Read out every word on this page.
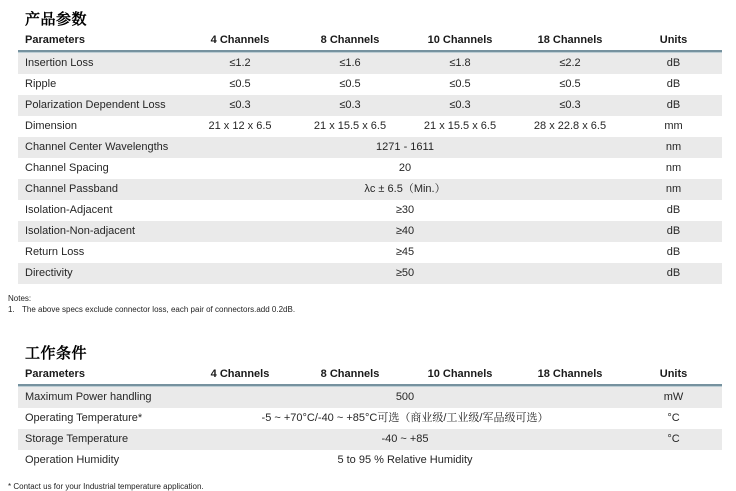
产品参数
Parameters	4 Channels	8 Channels	10 Channels	18 Channels	Units
Insertion Loss	≤1.2	≤1.6	≤1.8	≤2.2	dB
Ripple	≤0.5	≤0.5	≤0.5	≤0.5	dB
Polarization Dependent Loss	≤0.3	≤0.3	≤0.3	≤0.3	dB
Dimension	21 x 12 x 6.5	21 x 15.5 x 6.5	21 x 15.5 x 6.5	28 x 22.8 x 6.5	mm
Channel Center Wavelengths	1271 - 1611				nm
Channel Spacing	20				nm
Channel Passband	λc ± 6.5（Min.）				nm
Isolation-Adjacent	≥30				dB
Isolation-Non-adjacent	≥40				dB
Return Loss	≥45				dB
Directivity	≥50				dB
Notes:
1. The above specs exclude connector loss, each pair of connectors.add 0.2dB.
工作条件
Parameters	4 Channels	8 Channels	10 Channels	18 Channels	Units
Maximum Power handling	500				mW
Operating Temperature*	-5 ~ +70°C/-40 ~ +85°C可选（商业级/工业级/军品级可选）				°C
Storage Temperature	-40 ~ +85				°C
Operation Humidity	5 to 95 % Relative Humidity				
* Contact us for your Industrial temperature application.
